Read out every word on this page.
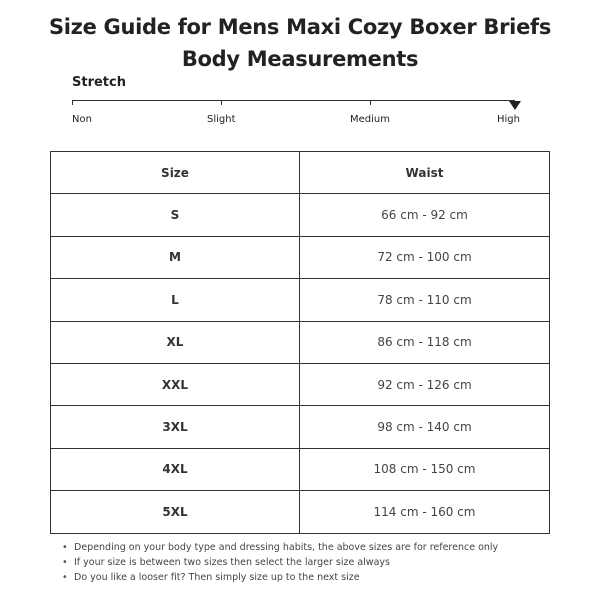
Size Guide for Mens Maxi Cozy Boxer Briefs
Body Measurements
Stretch
Non	Slight	Medium	High
Size	Waist
S	66 cm - 92 cm
M	72 cm - 100 cm
L	78 cm - 110 cm
XL	86 cm - 118 cm
XXL	92 cm - 126 cm
3XL	98 cm - 140 cm
4XL	108 cm - 150 cm
5XL	114 cm - 160 cm
• Depending on your body type and dressing habits, the above sizes are for reference only
• If your size is between two sizes then select the larger size always
• Do you like a looser fit? Then simply size up to the next size
